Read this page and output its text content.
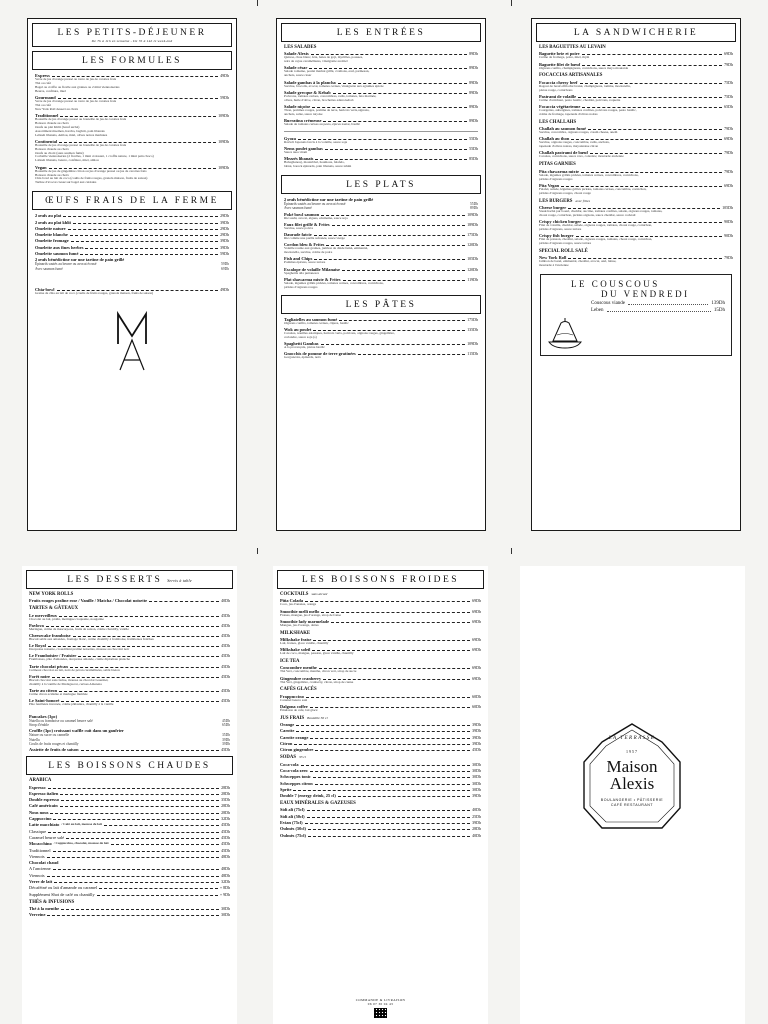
LES PETITS-DÉJEUNER
De 7h à 11h en semaine - De 7h à 14h le week-end
LES FORMULES
Express	49Dh
Verre de jus d'orange pressé ou verre de jus de carottes frais
Thé ou café
Bagel ou croffle ou ficelle aux graines ou 2 mini viennoiseries
Beurre, confiture, miel
Gourmand	59Dh
Verre de jus d'orange pressé ou verre de jus de carottes frais
Thé ou café
New York Roll dessert au choix
Traditionnel	109Dh
Bouteille de jus d'orange pressé ou bouteille de jus de carottes frais
Boisson chaude au choix
Oeufs au plat Khlii (bœuf séché)
Assortiment msemen, harcha, baghrir, pain libanais
Lebneh libanais, Amlou, miel, olives noires marinées
Continental	109Dh
Bouteille de jus d'orange pressé ou bouteille de jus de carottes frais
Boisson chaude au choix
Oeufs au choix (sans saumon fumé)
Corbeille viennoiseries (2 ficelles, 1 mini croissant, 1 croffle nature, 1 mini pain choco)
Labneh libanais, beurre, confiture, miel, amlou
Vegan	109Dh
Bouteille de jus de gingembre citron ou jus d'orange pressé ou jus de carottes frais
Boisson chaude au choix
Chia bowl au lait de coco (coulis de fruits rouges, granola maison, fruits de saison)
Tartine d'avocat cressé sur bagel aux céréales
ŒUFS FRAIS DE LA FERME
2 œufs au plat	29Dh
2 œufs au plat khlii	39Dh
Omelette nature	29Dh
Omelette blanche	29Dh
Omelette fromage	39Dh
Omelette aux fines herbes	39Dh
Omelette saumon fumé	59Dh
2 œufs bénédictine sur une tartine de pain grillé
Épinards sautés au beurre ou avocat écrasé	59Dh
Avec saumon fumé	69Dh
Chia-bowl	49Dh
Graine de chia au lait de coco (coulis de fruits rouges, granola maison, fruits de saison)
LES ENTRÉES
LES SALADES
Salade Alexis	89Dh
Quinoa, chou blanc, féta, haies de goji, myrtilles, pousses,
noix de cajou caramélisées, vinaigrette au miel
Salade césar	89Dh
Salade romaine, poulet mariné grillé, croûtons, œuf, parmesan,
anchois, sauce césar
Salade gambas à la plancha	89Dh
Sucrine, brocolis, avocat, tomates cerises, vinaigrette aux agrumes épicée
Salade grecque & Kebab	89Dh
Poivrons, tomates cerises, concombres, radis, tomates, feta marinée,
olives, huile d'olive, citron, brochettes adana kebab
Salade niçoise	89Dh
Thon, pommes rouges, pomme de terre, haricots verts,oignons,
anchois, salée, sauce niçoise
Burratina crémeuse	89Dh
Salade de tomates cerises au pesto, épices zaatar, basilic
Gyoza	55Dh
Ravioli Japonais farcis à la volaille, sauce soja
Nems poulet gambas	55Dh
Sauce nuoc mam
Mezzés libanais	85Dh
Babaghanouj, moutabbal, houmous, falafels,
labné, boreck épinards, pain libanais, sauce tahini
LES PLATS
2 œufs bénédictine sur une tartine de pain grillé
Épinards sautés au beurre ou avocat écrasé	55Dh
Avec saumon fumé	89Dh
Poké bowl saumon	109Dh
Riz sushi, avocat, algues, edamame, sauce soja
Faux filet grillé & Frites	189Dh
Sucrine, sauce poivre
Daurade fatcie	175Dh
Riz comme une paëlla safranée, sauce vierge
Cordon bleu & Frites	120Dh
Volaille roulée aux graines, jambon de dinde fumé, emmental,
mozzarella, sucrine, crème de poire
Fish and Chips	105Dh
Pommes épicées, sauce tartare
Escalope de volaille Milanaise	120Dh
Spaghettis alla puttanesca
Plat shawarma mixte & Frites	119Dh
Salade, légumes grillés pickles, tomates cerises, concombres, cornichons,
pickles d'oignons rouges
LES PÂTES
Tagliatelles au saumon fumé	175Dh
Oignons confits, tomates cerises, câpres, basilic
Wok au poulet	135Dh
Carottes, nouilles asiatiques, haricots verts, poivrons, oignons rouges, gingembre,
coriandre, sauce soja (s)
Spaghetti Gambas	109Dh
A la provençale, pistou basilic
Gnocchis de pomme de terre gratinées	115Dh
Gorgonzola, épinards, noix
LA SANDWICHERIE
LES BAGUETTES AU LEVAIN
Baguette brie et poire	69Dh
Crème de fromage, poire, miel, thym
Baguette filet de bœuf	79Dh
Oignons confits, champignons, cornichons, sauce mayo moutarde
FOCACCIAS ARTISANALES
Focaccia cheesy beef	75Dh
Ragout de bœuf effiloché braisé, champignons, tomme, mozzarella,
pistou rouge, cornichons
Pastrami de volaille	75Dh
Crème d'artichaut, pesto basilic, cheddar, poivrons, roquette
Focaccia végétarienne	65Dh
Courgettes, aubergines, tomates confites, poivrons rouges, pesto basilic,
crème de fromage, tapenade d'olives noires
LES CHALLAHS
Challah au saumon fumé	79Dh
Sucrine, concombre, oignons rouges, cream cheese, aneth
Challah au thon	69Dh
Sucrine, oignons rouges, concombre, radis, anchois,
tapenade d'olives noires, mayonnaise citron
Challah pastrami de bœuf	79Dh
Carottes, cornichons, sauce ravo, coleslaw, moutarde ancienne
PITAS GARNIES
Pita chawarma mixte	79Dh
Salade, légumes grillés pickles, tomates cerises, concombres, cornichons,
pickles d'oignons rouges
Pita Vegan	69Dh
Falafel, salade, légumes grillés pickles, tomates cerises, concombre, cornichon,
pickles d'oignons rouges, choux rouge
LES BURGERS avec frites
Cheese burger	105Dh
Steak haché pur boeuf, cheddar, sucrine, tomates confites, salade, oignons rouges, tomates,
choux rouge, cornichon, pickles oignons, sauce cheddar, sauce cocktail
Crispy chicken burger	90Dh
Filet de volaille, cheddar, salade, oignons rouges, tomates, choux rouge, cornichon,
pickles d'oignons, sauce tartare
Crispy fish burger	90Dh
Filet de poisson, cheddar, salade, oignons rouges, tomates, choux rouge, cornichon,
pickles d'oignons rouges, sauce tartare
SPECIAL ROLL SALÉ
New York Roll	79Dh
Jambon de bœuf, emmental, cheddar, avocat, œuf, laitue,
moutarde à l'ancienne
LE COUSCOUS
DU VENDREDI
Couscous viande	139Dh
Leben	15Dh
LES DESSERTS Servis à table
NEW YORK ROLLS
Fruits rouges praline rose / Vanille / Matcha / Chocolat noisette	40Dh
TARTES & GÂTEAUX
Le merveilleux	45Dh
Chocolat au lait, pralin, meringue croquante, nougatine
Pavlova	45Dh
Meringue, crème de mascarpone, fruits de saison, crème chantilly, vanille
Cheesecake framboise	45Dh
Biscuit sablé aux amandes, fromage blanc, crème chantilly à framboise, framboises fraîches
Le Royal	45Dh
Dacquoise noisette, croustillant praliné noisettes, mousse au chocolat noir
Le Framboisier / Fraisier	45Dh
Framboises, pâte d'amandes, dacquoise amande, crème diplomate pistache
Tarte chocolat pécan	45Dh
Crémeux chocolat au lait, noix de pécan caramélisées, sablé breton
Forêt noire	45Dh
Biscuit chocolat sans farine, mousse au chocolat Gourmet,
chantilly à la vanille de Madagascar, cerises Amarena
Tarte au citron	45Dh
Crème citron acidulée et meringue flambée
Le Saint-honoré	45Dh
Pâte feuilletée inversée, crème pâtissière, chantilly à la vanille
Pancakes (3pc)
Nutella ou framboise ou caramel beurre salé	45Dh
Sirop d'érable	65Dh
Croffle (3pc) croissant waffle cuit dans un gaufrier
Nature ou sucre ou cannelle	35Dh
Nutella	39Dh
Coulis de fruits rouges et chantilly	39Dh
Assiette de fruits de saison	45Dh
LES BOISSONS CHAUDES
ARABICA
Espresso	28Dh
Espresso italien	28Dh
Double espresso	35Dh
Café américain	28Dh
Nous nous	28Dh
Cappuccino	32Dh
Latte macchiato / Café au lait, mousse de lait	45Dh
Classique	45Dh
Caramel beurre salé	45Dh
Mocacchino / Cappuccino, chocolat, mousse de lait	45Dh
Traditionnel	45Dh
Viennois	48Dh
Chocolat chaud
A l'ancienne	48Dh
Viennois	48Dh
Verre de lait	32Dh
Décaféiné ou lait d'amande ou caramel	+ 8Dh
Supplément Shot de café ou chantilly	+ 9Dh
THÉS & INFUSIONS
Thé à la menthe	30Dh
Verveine	30Dh
LES BOISSONS FROIDES
COCKTAILS sans alcool
Piña Colada	69Dh
Coco, jus d'ananas, orange
Smoothie melli mello	69Dh
Fraises, mangue, jus d'orange, sirop de fraise
Smoothie lady marmelade	69Dh
Mangue, jus d'orange, dattes
MILKSHAKE
Milkshake fraise	69Dh
Lait, fraises, glace vanille, chantilly
Milkshake soleil	69Dh
Lait de coco, mangue, passion, glace vanille, chantilly
ICE TEA
Concombre menthe	69Dh
Thé Vert, concombre, menthe, citron vert, sirop de sucre
Gingembre cranberry	69Dh
Thé Vert, gingembre, cranberry, citron, sirop de canne
CAFÉS GLACÉS
Frappuccino	60Dh
Caramel beurre salé
Dalgona coffee	60Dh
Émulsion de café, lait glacé
JUS FRAIS Bouteille 50 cl
Orange	39Dh
Carotte	39Dh
Carotte orange	39Dh
Citron	39Dh
Citron gingembre	45Dh
SODAS 33 cl
Coca-cola	30Dh
Coca-cola zero	30Dh
Schweppes tonic	30Dh
Schweppes citron	30Dh
Sprite	30Dh
Double 7 (energy drink, 25 cl)	39Dh
EAUX MINÉRALES & GAZEUSES
Sidi ali (75cl)	40Dh
Sidi ali (50cl)	25Dh
Evian (75cl)	39Dh
Oulmès (50cl)	28Dh
Oulmès (75cl)	40Dh
COMMANDE & LIVRAISON
06 07 30 04 43
LA TERRASSE
1957
Maison
Alexis
BOULANGERIE • PÂTISSERIE
CAFÉ RESTAURANT
